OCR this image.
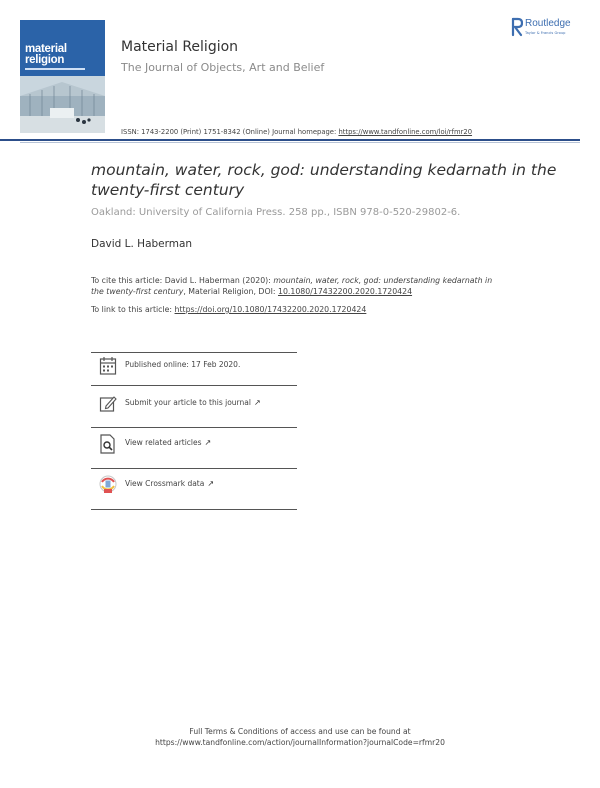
material
religion
Material Religion
The Journal of Objects, Art and Belief
Routledge
Taylor & Francis Group
ISSN: 1743-2200 (Print) 1751-8342 (Online) Journal homepage: https://www.tandfonline.com/loi/rfmr20
mountain, water, rock, god: understanding kedarnath in the twenty-first century
Oakland: University of California Press. 258 pp., ISBN 978-0-520-29802-6.
David L. Haberman
To cite this article: David L. Haberman (2020): mountain, water, rock, god: understanding kedarnath in the twenty-first century, Material Religion, DOI: 10.1080/17432200.2020.1720424
To link to this article: https://doi.org/10.1080/17432200.2020.1720424
Published online: 17 Feb 2020.
Submit your article to this journal ↗
View related articles ↗
View Crossmark data ↗
Full Terms & Conditions of access and use can be found at
https://www.tandfonline.com/action/journalInformation?journalCode=rfmr20
